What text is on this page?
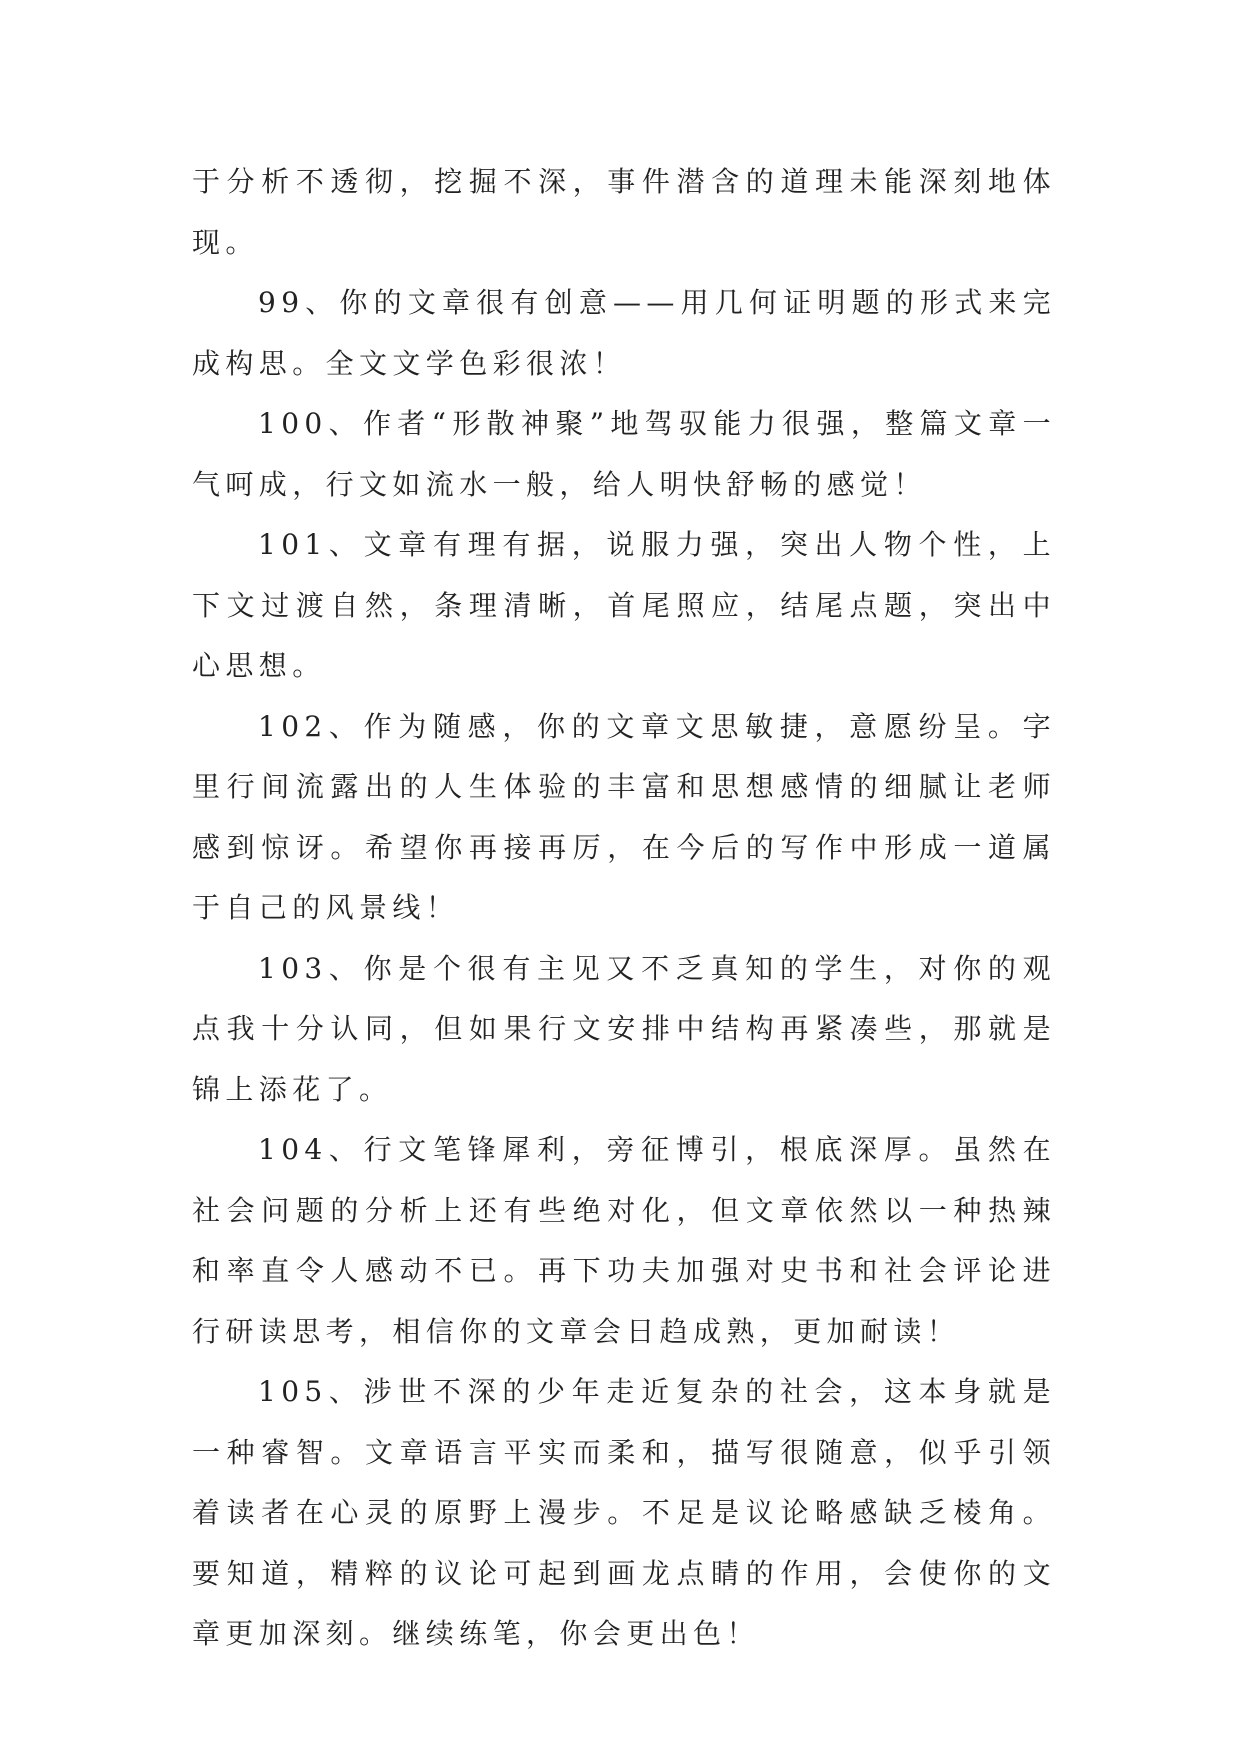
于分析不透彻，挖掘不深，事件潜含的道理未能深刻地体现。

99、你的文章很有创意——用几何证明题的形式来完成构思。全文文学色彩很浓！

100、作者“形散神聚”地驾驭能力很强，整篇文章一气呵成，行文如流水一般，给人明快舒畅的感觉！

101、文章有理有据，说服力强，突出人物个性，上下文过渡自然，条理清晰，首尾照应，结尾点题，突出中心思想。

102、作为随感，你的文章文思敏捷，意愿纷呈。字里行间流露出的人生体验的丰富和思想感情的细腻让老师感到惊讶。希望你再接再厉，在今后的写作中形成一道属于自己的风景线！

103、你是个很有主见又不乏真知的学生，对你的观点我十分认同，但如果行文安排中结构再紧凑些，那就是锦上添花了。

104、行文笔锋犀利，旁征博引，根底深厚。虽然在社会问题的分析上还有些绝对化，但文章依然以一种热辣和率直令人感动不已。再下功夫加强对史书和社会评论进行研读思考，相信你的文章会日趋成熟，更加耐读！

105、涉世不深的少年走近复杂的社会，这本身就是一种睿智。文章语言平实而柔和，描写很随意，似乎引领着读者在心灵的原野上漫步。不足是议论略感缺乏棱角。要知道，精粹的议论可起到画龙点睛的作用，会使你的文章更加深刻。继续练笔，你会更出色！
